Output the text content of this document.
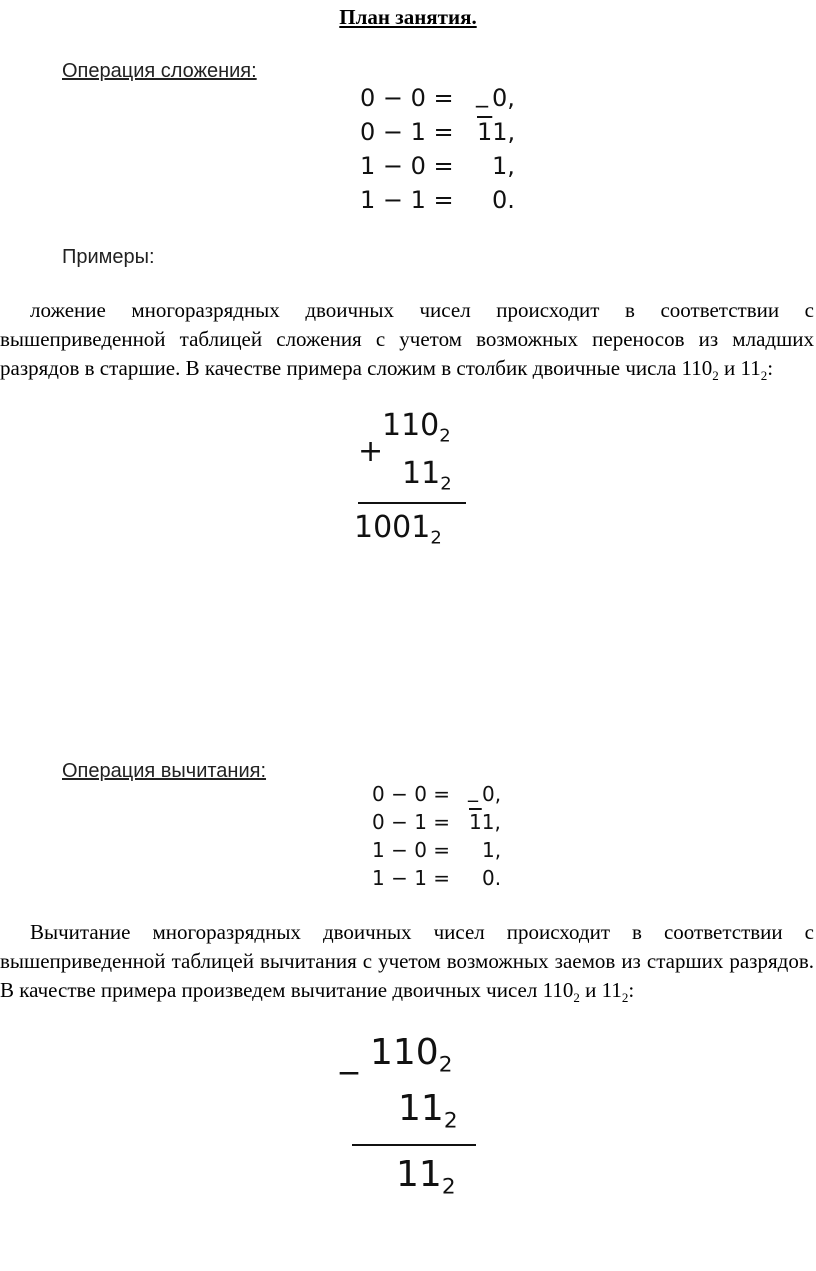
План занятия.
Операция сложения:
0 − 0 = _ 0,
0 − 1 = 11,
1 − 0 = 1,
1 − 1 = 0.
Примеры:
ложение многоразрядных двоичных чисел происходит в соответствии с вышеприведенной таблицей сложения с учетом возможных переносов из младших разрядов в старшие. В качестве примера сложим в столбик двоичные числа $110_2$ и $11_2$:
+
$110_2$
$11_2$
$1001_2$
Операция вычитания:
0 − 0 = _ 0,
0 − 1 = 11,
1 − 0 = 1,
1 − 1 = 0.
Вычитание многоразрядных двоичных чисел происходит в соответствии с вышеприведенной таблицей вычитания с учетом возможных заемов из старших разрядов. В качестве примера произведем вычитание двоичных чисел $110_2$ и $11_2$:
_ $110_2$
$11_2$
$11_2$
